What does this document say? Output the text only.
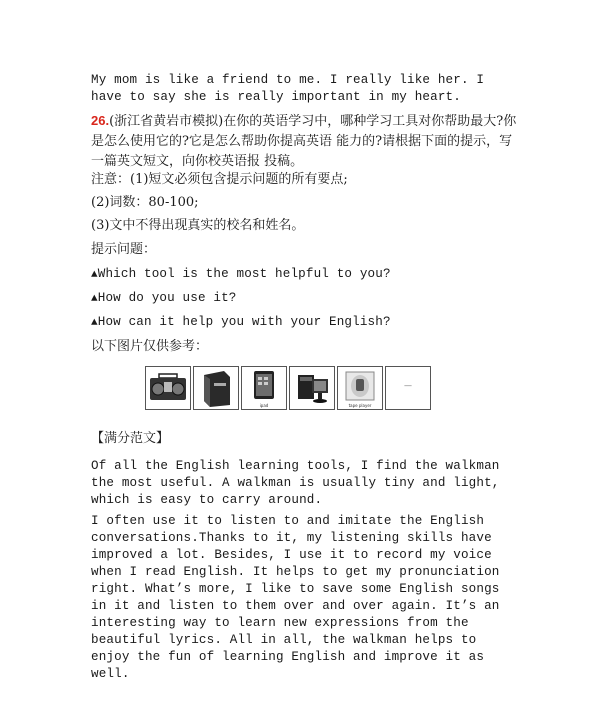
My mom is like a friend to me. I really like her. I have to say she is really important in my heart.

26.(浙江省黄岩市模拟)在你的英语学习中，哪种学习工具对你帮助最大?你是怎么使用它的?它是怎么帮助你提高英语 能力的?请根据下面的提示，写一篇英文短文，向你校英语报 投稿。

注意：(1)短文必须包含提示问题的所有要点;

(2)词数：80-100;

(3)文中不得出现真实的校名和姓名。

提示问题：

▲Which tool is the most helpful to you?

▲How do you use it?

▲How can it help you with your English?

以下图片仅供参考：

ipad	tape player
—

【满分范文】

Of all the English learning tools, I find the walkman the most useful. A walkman is usually tiny and light, which is easy to carry around.

I often use it to listen to and imitate the English conversations.Thanks to it, my listening skills have improved a lot. Besides, I use it to record my voice when I read English. It helps to get my pronunciation right. What’s more, I like to save some English songs in it and listen to them over and over again. It’s an interesting way to learn new expressions from the beautiful lyrics. All in all, the walkman helps to enjoy the fun of learning English and improve it as well.
